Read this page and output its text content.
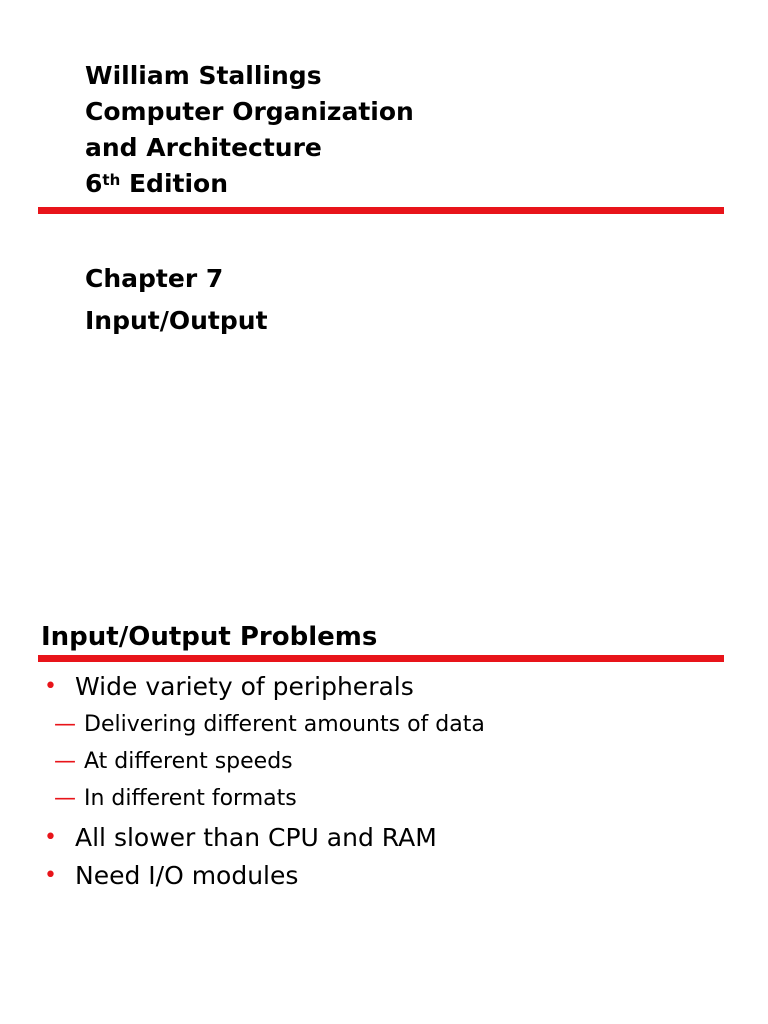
William Stallings
Computer Organization
and Architecture
6th Edition
Chapter 7
Input/Output
Input/Output Problems
• Wide variety of peripherals
— Delivering different amounts of data
— At different speeds
— In different formats
• All slower than CPU and RAM
• Need I/O modules
